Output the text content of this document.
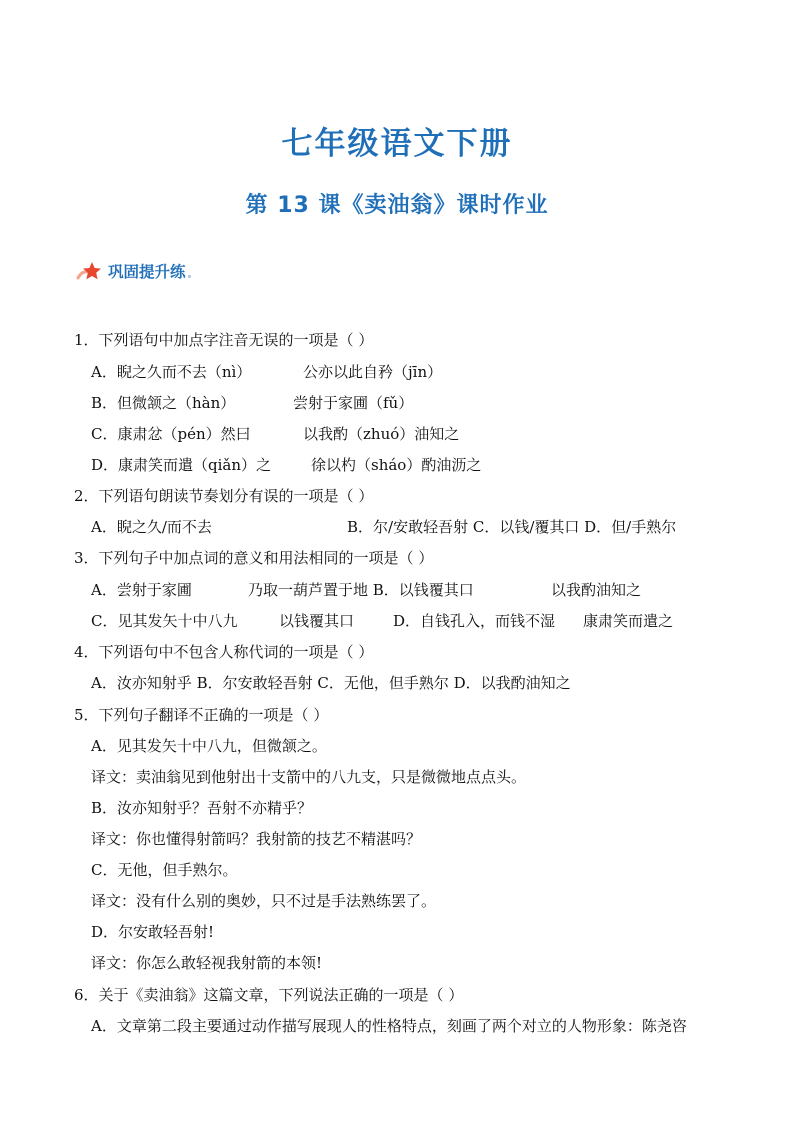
七年级语文下册
第 13 课《卖油翁》课时作业
巩固提升练
1．下列语句中加点字注音无误的一项是（ ）
A．睨之久而不去（nì）	公亦以此自矜（jīn）
B．但微颔之（hàn）	尝射于家圃（fǔ）
C．康肃忿（pén）然曰	以我酌（zhuó）油知之
D．康肃笑而遣（qiǎn）之	徐以杓（sháo）酌油沥之
2．下列语句朗读节奏划分有误的一项是（ ）
A．睨之久/而不去	B．尔/安敢轻吾射 C．以钱/覆其口 D．但/手熟尔
3．下列句子中加点词的意义和用法相同的一项是（ ）
A．尝射于家圃	乃取一葫芦置于地 B．以钱覆其口	以我酌油知之
C．见其发矢十中八九	以钱覆其口	D．自钱孔入，而钱不湿 康肃笑而遣之
4．下列语句中不包含人称代词的一项是（ ）
A．汝亦知射乎 B．尔安敢轻吾射 C．无他，但手熟尔 D．以我酌油知之
5．下列句子翻译不正确的一项是（ ）
A．见其发矢十中八九，但微颔之。
译文：卖油翁见到他射出十支箭中的八九支，只是微微地点点头。
B．汝亦知射乎？吾射不亦精乎？
译文：你也懂得射箭吗？我射箭的技艺不精湛吗？
C．无他，但手熟尔。
译文：没有什么别的奥妙，只不过是手法熟练罢了。
D．尔安敢轻吾射!
译文：你怎么敢轻视我射箭的本领!
6．关于《卖油翁》这篇文章，下列说法正确的一项是（ ）
A．文章第二段主要通过动作描写展现人的性格特点，刻画了两个对立的人物形象：陈尧咨
